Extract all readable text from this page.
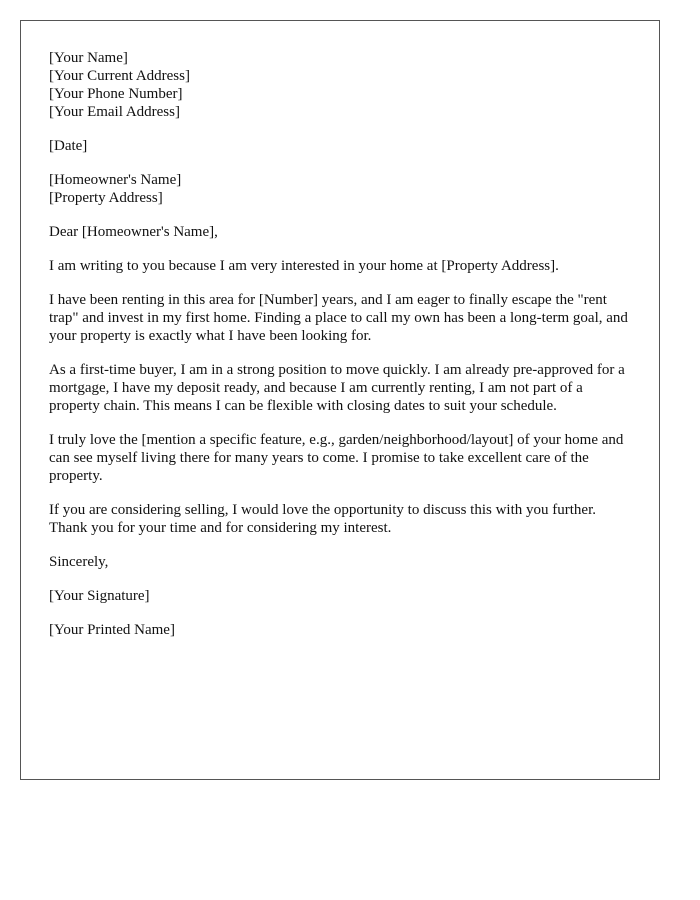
[Your Name]
[Your Current Address]
[Your Phone Number]
[Your Email Address]
[Date]
[Homeowner's Name]
[Property Address]

Dear [Homeowner's Name],

I am writing to you because I am very interested in your home at [Property Address].

I have been renting in this area for [Number] years, and I am eager to finally escape the "rent trap" and invest in my first home. Finding a place to call my own has been a long-term goal, and your property is exactly what I have been looking for.

As a first-time buyer, I am in a strong position to move quickly. I am already pre-approved for a mortgage, I have my deposit ready, and because I am currently renting, I am not part of a property chain. This means I can be flexible with closing dates to suit your schedule.

I truly love the [mention a specific feature, e.g., garden/neighborhood/layout] of your home and can see myself living there for many years to come. I promise to take excellent care of the property.

If you are considering selling, I would love the opportunity to discuss this with you further. Thank you for your time and for considering my interest.

Sincerely,

[Your Signature]

[Your Printed Name]
